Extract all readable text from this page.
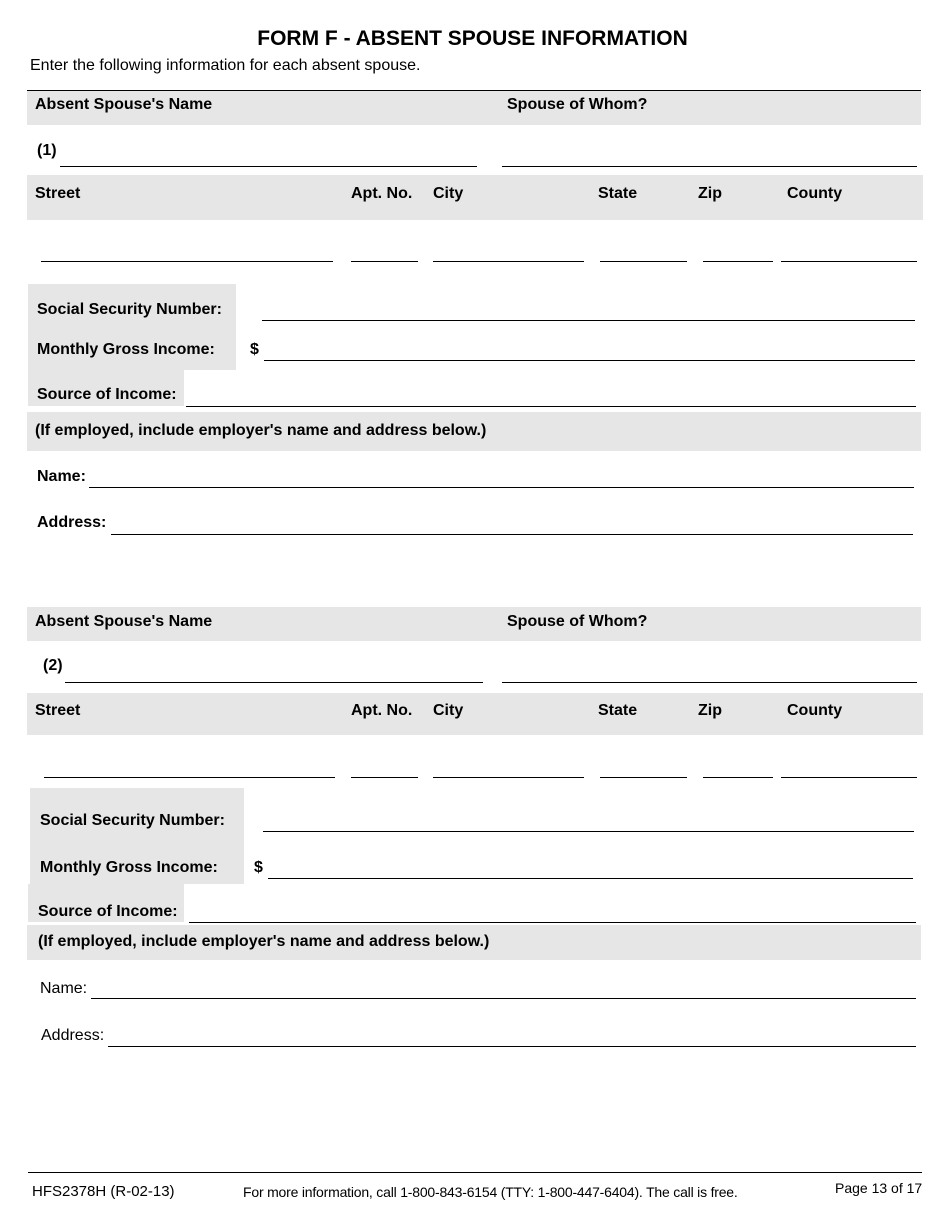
FORM F - ABSENT SPOUSE INFORMATION
Enter the following information for each absent spouse.
Absent Spouse's Name	Spouse of Whom?
(1)
Street	Apt. No. City	State	Zip	County
Social Security Number:
Monthly Gross Income: $
Source of Income:
(If employed, include employer's name and address below.)
Name:
Address:
Absent Spouse's Name	Spouse of Whom?
(2)
Street	Apt. No. City	State	Zip	County
Social Security Number:
Monthly Gross Income: $
Source of Income:
(If employed, include employer's name and address below.)
Name:
Address:
HFS2378H (R-02-13)	For more information, call 1-800-843-6154 (TTY: 1-800-447-6404). The call is free.	Page 13 of 17
